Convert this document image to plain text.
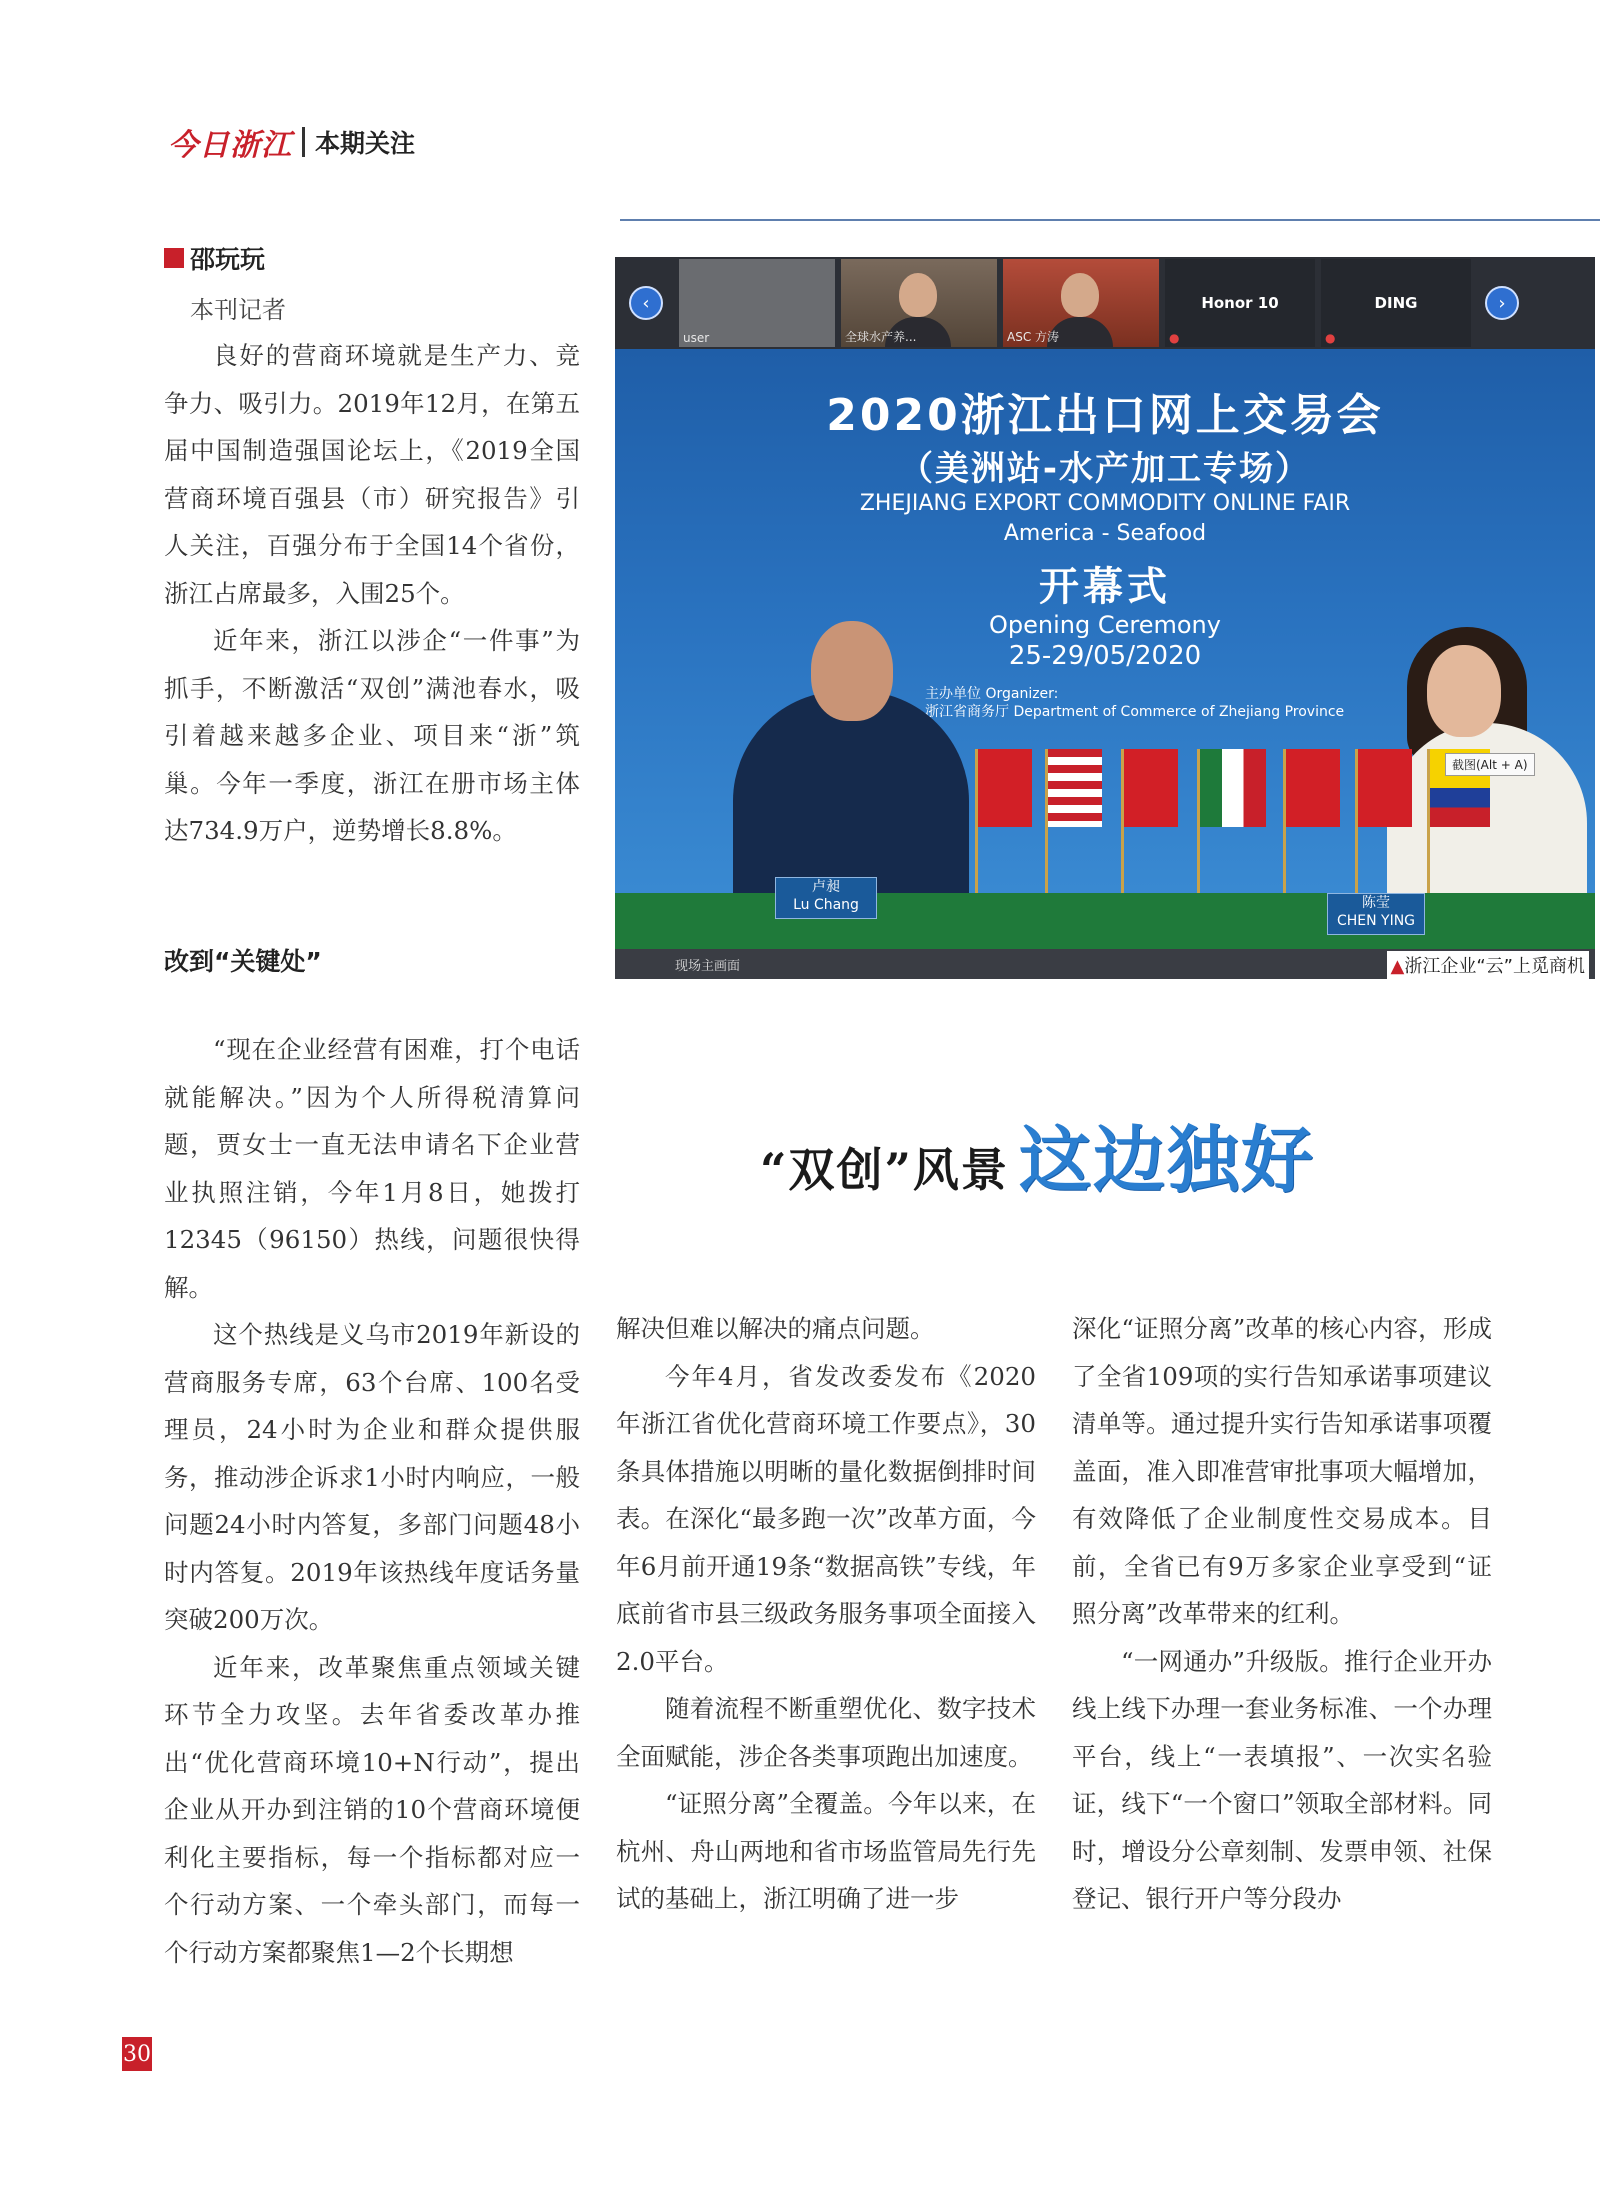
今日浙江 本期关注
邵玩玩
本刊记者

良好的营商环境就是生产力、竞争力、吸引力。2019年12月，在第五届中国制造强国论坛上，《2019全国营商环境百强县（市）研究报告》引人关注，百强分布于全国14个省份，浙江占席最多，入围25个。

近年来，浙江以涉企“一件事”为抓手，不断激活“双创”满池春水，吸引着越来越多企业、项目来“浙”筑巢。今年一季度，浙江在册市场主体达734.9万户，逆势增长8.8%。

改到“关键处”

“现在企业经营有困难，打个电话就能解决。”因为个人所得税清算问题，贾女士一直无法申请名下企业营业执照注销，今年1月8日，她拨打12345（96150）热线，问题很快得解。

这个热线是义乌市2019年新设的营商服务专席，63个台席、100名受理员，24小时为企业和群众提供服务，推动涉企诉求1小时内响应，一般问题24小时内答复，多部门问题48小时内答复。2019年该热线年度话务量突破200万次。

近年来，改革聚焦重点领域关键环节全力攻坚。去年省委改革办推出“优化营商环境10+N行动”，提出企业从开办到注销的10个营商环境便利化主要指标，每一个指标都对应一个行动方案、一个牵头部门，而每一个行动方案都聚焦1—2个长期想

‹
user	全球水产养...	ASC 方涛
Honor 10
●
DING
●
›
2020浙江出口网上交易会
（美洲站-水产加工专场）
ZHEJIANG EXPORT COMMODITY ONLINE FAIR
America - Seafood
开幕式
Opening Ceremony
25-29/05/2020
主办单位 Organizer:
浙江省商务厅 Department of Commerce of Zhejiang Province
截图(Alt + A)
卢昶
Lu Chang	陈莹
CHEN YING
现场主画面	▲浙江企业“云”上觅商机
“双创”风景 这边独好

解决但难以解决的痛点问题。

今年4月，省发改委发布《2020年浙江省优化营商环境工作要点》，30条具体措施以明晰的量化数据倒排时间表。在深化“最多跑一次”改革方面，今年6月前开通19条“数据高铁”专线，年底前省市县三级政务服务事项全面接入2.0平台。

随着流程不断重塑优化、数字技术全面赋能，涉企各类事项跑出加速度。

“证照分离”全覆盖。今年以来，在杭州、舟山两地和省市场监管局先行先试的基础上，浙江明确了进一步

深化“证照分离”改革的核心内容，形成了全省109项的实行告知承诺事项建议清单等。通过提升实行告知承诺事项覆盖面，准入即准营审批事项大幅增加，有效降低了企业制度性交易成本。目前，全省已有9万多家企业享受到“证照分离”改革带来的红利。

“一网通办”升级版。推行企业开办线上线下办理一套业务标准、一个办理平台，线上“一表填报”、一次实名验证，线下“一个窗口”领取全部材料。同时，增设分公章刻制、发票申领、社保登记、银行开户等分段办

30
